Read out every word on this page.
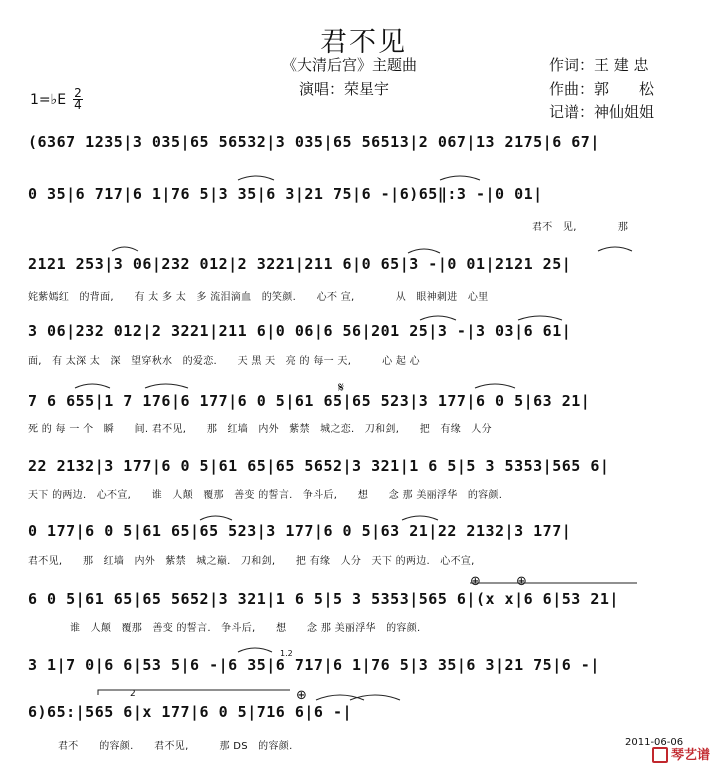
君不见
《大清后宫》主题曲
演唱：荣星宇
作词：王 建 忠
作曲：郭　　松
记谱：神仙姐姐
1=♭E 2
4
(6367 1235|3 035|65 56532|3 035|65 56513|2 067|13 2175|6 67|
0 35|6 717|6 1|76 5|3 35|6 3|21 75|6 -|6)65‖:3 -|0 01|
君不　见,　　　　那
2121 253|3 06|232 012|2 3221|211 6|0 65|3 -|0 01|2121 25|
姹紫嫣红　的背面,　　有 太 多 太　多 流泪滴血　的笑颜.　　心不 宣,　　　　从　眼神刺进　心里
3 06|232 012|2 3221|211 6|0 06|6 56|201 25|3 -|3 03|6 61|
面,　有 太深 太　深　望穿秋水　的爱恋.　　天 黑 天　亮 的 每一 天,　　　心 起 心
7 6 655|1 7 176|6 177|6 0 5|61 65|65 523|3 177|6 0 5|63 21|
死 的 每 一 个　瞬　　间. 君不见,　　那　红墙　内外　紫禁　城之恋.　刀和剑,　　把　有缘　人分
22 2132|3 177|6 0 5|61 65|65 5652|3 321|1 6 5|5 3 5353|565 6|
天下 的两边.　心不宣,　　谁　人颠　覆那　善变 的誓言.　争斗后,　　想　　念 那 美丽浮华　的容颜.
0 177|6 0 5|61 65|65 523|3 177|6 0 5|63 21|22 2132|3 177|
君不见,　　那　红墙　内外　紫禁　城之巅.　刀和剑,　　把 有缘　人分　天下 的两边.　心不宣,
6 0 5|61 65|65 5652|3 321|1 6 5|5 3 5353|565 6|(x x|6 6|53 21|
谁　人颠　覆那　善变 的誓言.　争斗后,　　想　　念 那 美丽浮华　的容颜.
3 1|7 0|6 6|53 5|6 -|6 35|6 717|6 1|76 5|3 35|6 3|21 75|6 -|
6)65:|565 6|x 177|6 0 5|716 6|6 -|
君不　　的容颜.　　君不见,　　　那 DS　的容颜.
𝄋
⊕	⊕
⊕
1.2
2
2011-06-06
琴艺谱
